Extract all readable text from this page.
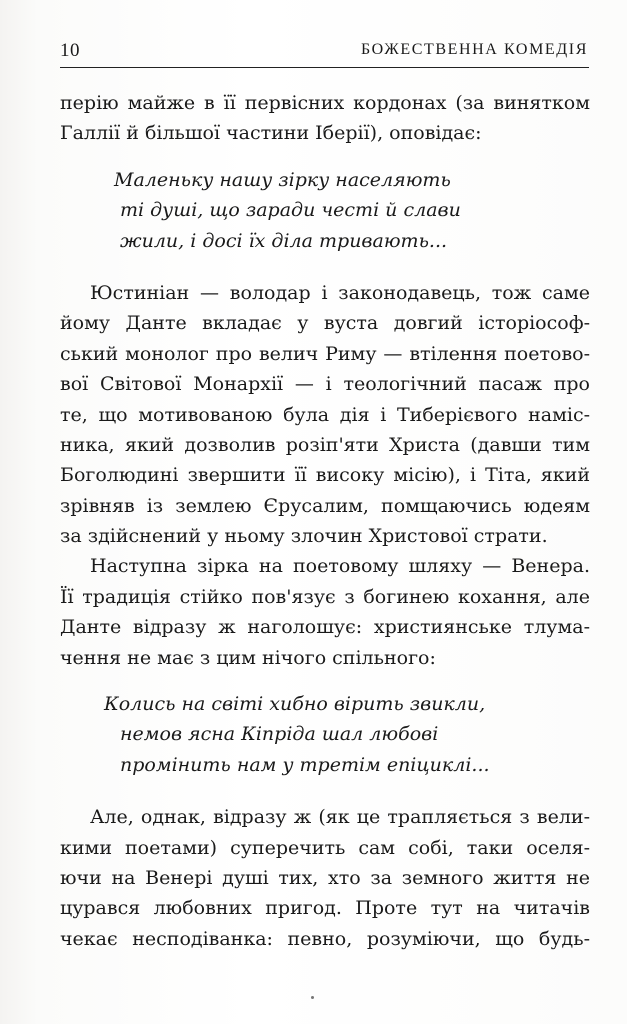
10	БОЖЕСТВЕННА КОМЕДІЯ
перію майже в її первісних кордонах (за винятком
Галлії й більшої частини Іберії), оповідає:
Маленьку нашу зірку населяють
ті душі, що заради честі й слави
жили, і досі їх діла тривають...
Юстиніан — володар і законодавець, тож саме
йому Данте вкладає у вуста довгий історіософ-
ський монолог про велич Риму — втілення поетово-
вої Світової Монархії — і теологічний пасаж про
те, що мотивованою була дія і Тиберієвого намiс-
ника, який дозволив розіп'яти Христа (давши тим
Боголюдині звершити її високу місію), і Тіта, який
зрівняв із землею Єрусалим, помщаючись юдеям
за здійснений у ньому злочин Христової страти.
Наступна зірка на поетовому шляху — Венера.
Її традиція стійко пов'язує з богинею кохання, але
Данте відразу ж наголошує: християнське тлума-
чення не має з цим нічого спільного:
Колись на світі хибно вірить звикли,
немов ясна Кіпріда шал любові
промінить нам у третім епіциклі...
Але, однак, відразу ж (як це трапляється з вели-
кими поетами) суперечить сам собі, таки оселя-
ючи на Венері душі тих, хто за земного життя не
цурався любовних пригод. Проте тут на читачів
чекає несподіванка: певно, розуміючи, що будь-
